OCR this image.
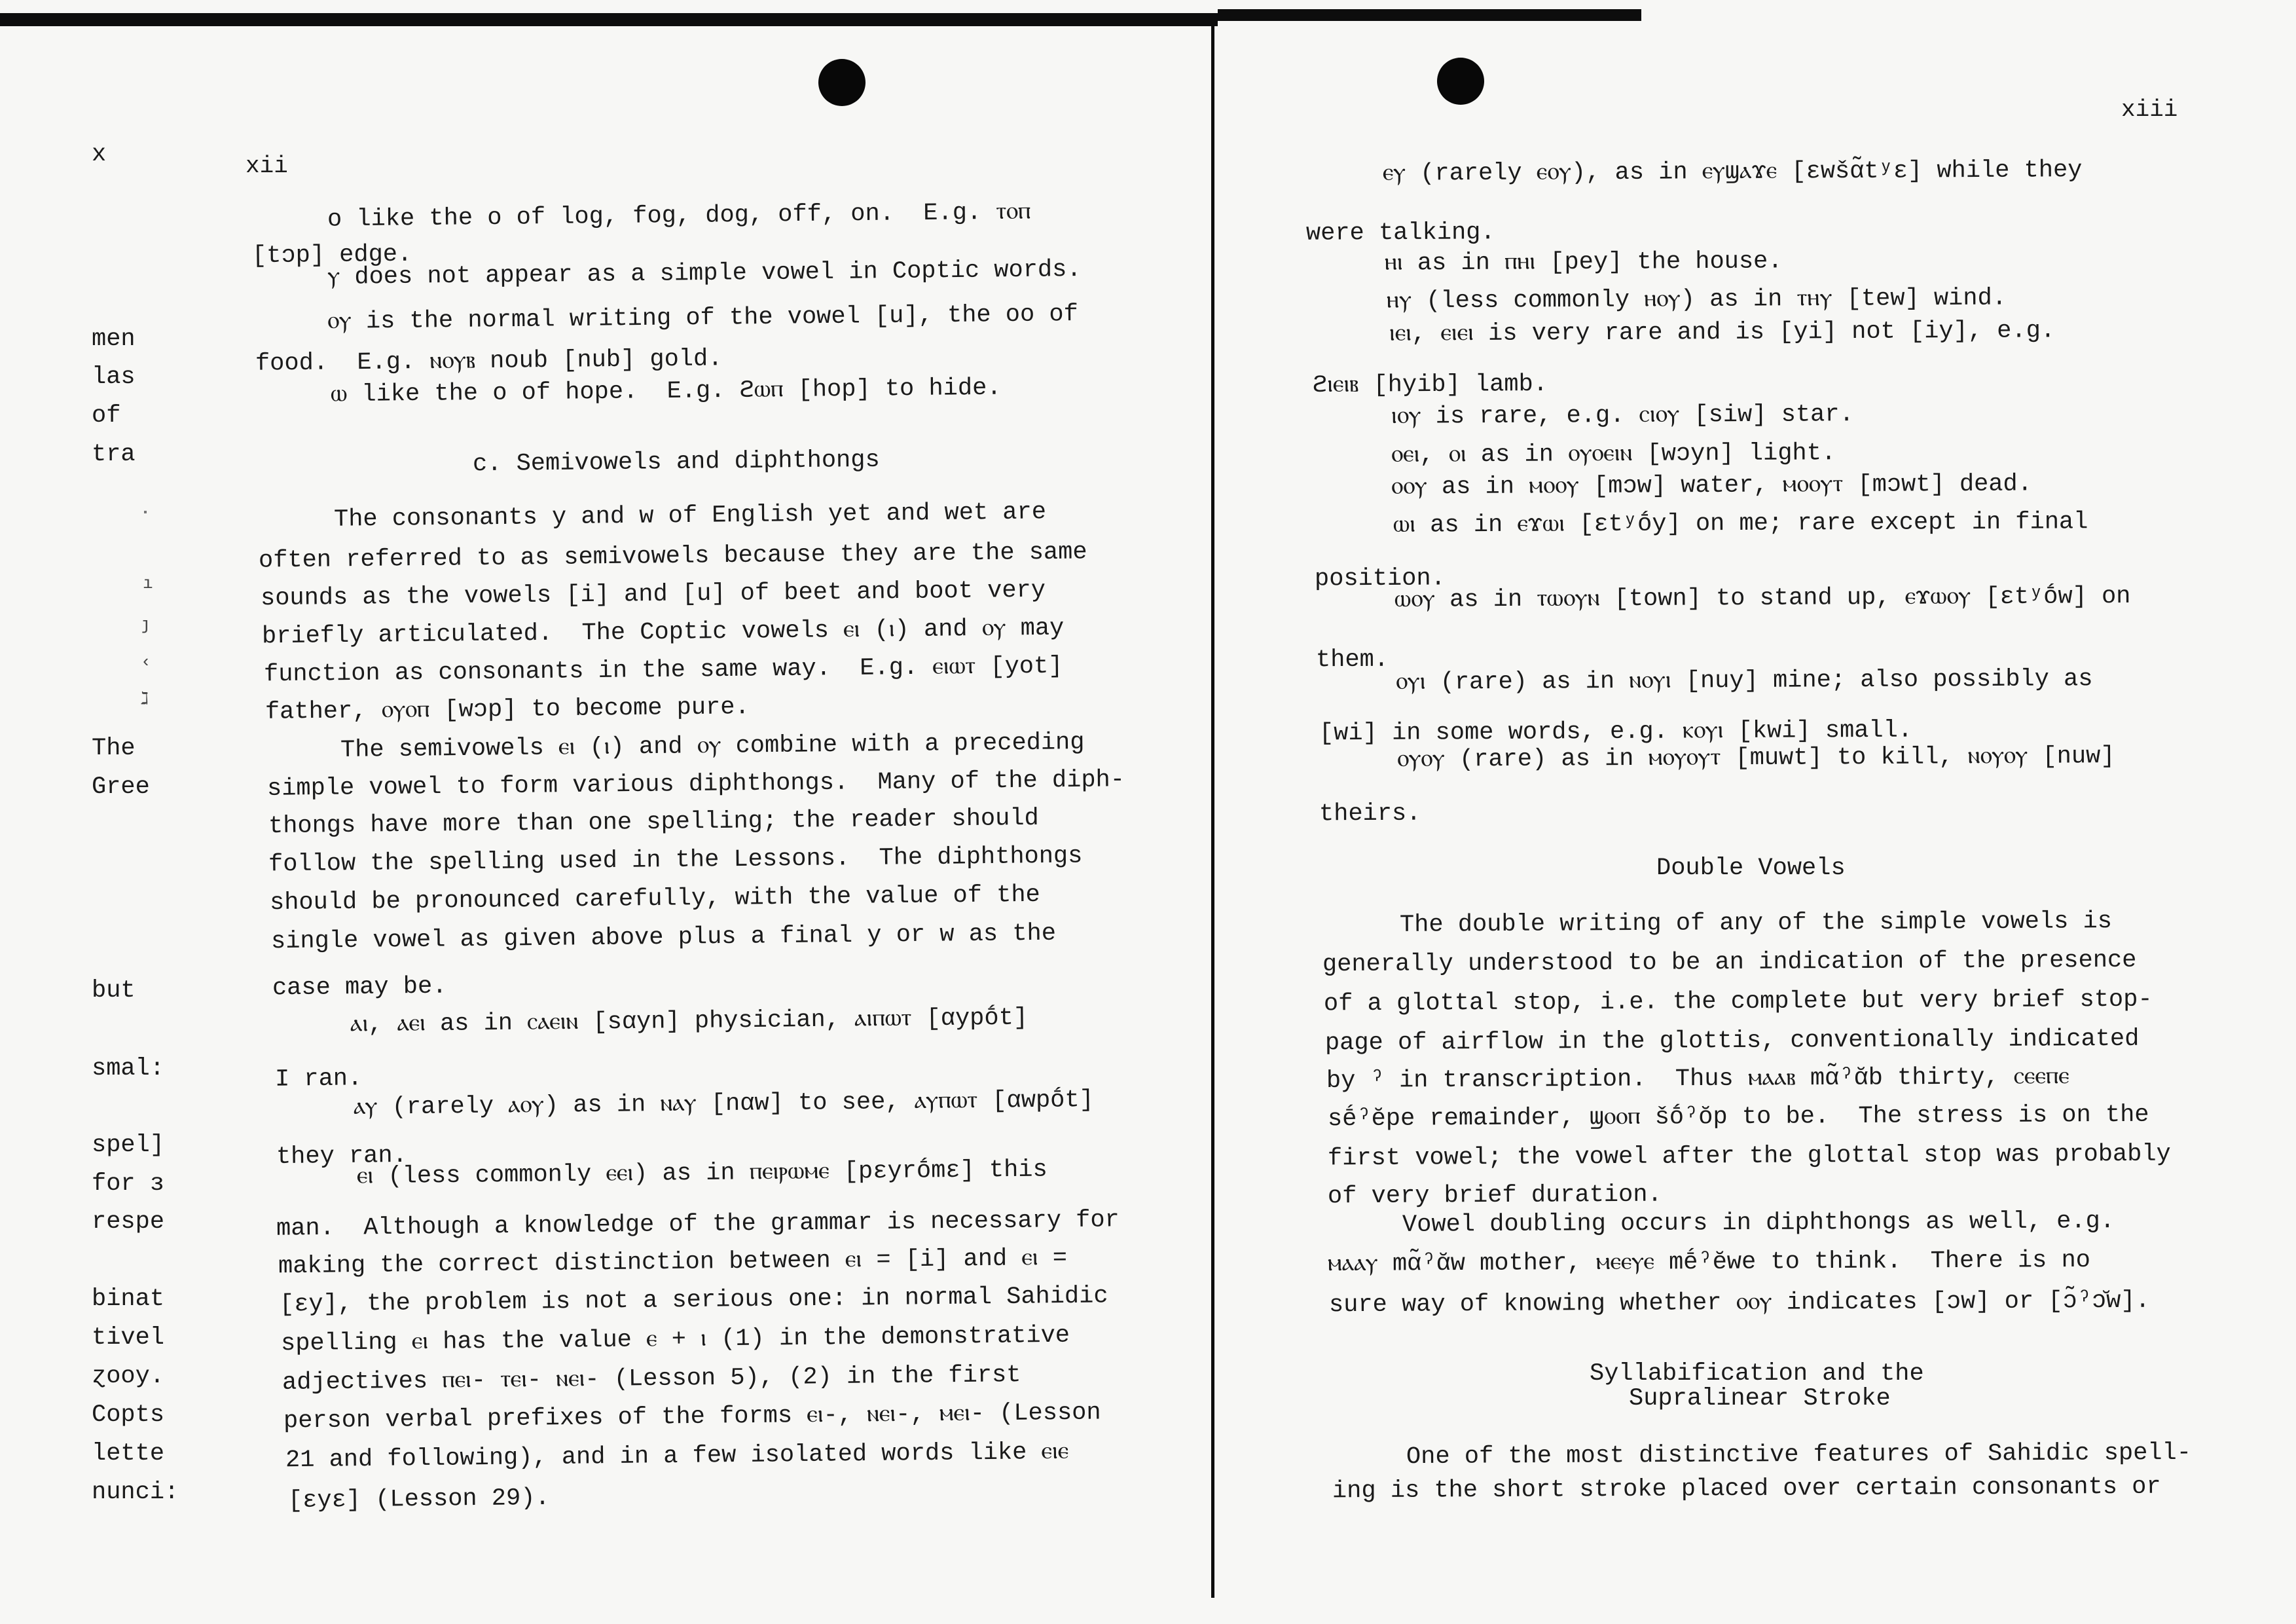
ı
ȷ
‹
ℷ
x
men
las
of
tra
The
Gree
but
smal:
spel]
for ɜ
respe
binat
tivel
ɀooy.
Copts
lette
nunci:
xii
o like the o of log, fog, dog, off, on.  E.g. ⲧⲟⲡ
[tɔp] edge.
ⲩ does not appear as a simple vowel in Coptic words.
ⲟⲩ is the normal writing of the vowel [u], the oo of
food.  E.g. ⲛⲟⲩⲃ noub [nub] gold.
ⲱ like the o of hope.  E.g. ϩⲱⲡ [hop] to hide.
c. Semivowels and diphthongs
The consonants y and w of English yet and wet are
often referred to as semivowels because they are the same
sounds as the vowels [i] and [u] of beet and boot very
briefly articulated.  The Coptic vowels ⲉⲓ (ⲓ) and ⲟⲩ may
function as consonants in the same way.  E.g. ⲉⲓⲱⲧ [yot]
father, ⲟⲩⲟⲡ [wɔp] to become pure.
The semivowels ⲉⲓ (ⲓ) and ⲟⲩ combine with a preceding
simple vowel to form various diphthongs.  Many of the diph-
thongs have more than one spelling; the reader should
follow the spelling used in the Lessons.  The diphthongs
should be pronounced carefully, with the value of the
single vowel as given above plus a final y or w as the
case may be.
ⲁⲓ, ⲁⲉⲓ as in ⲥⲁⲉⲓⲛ [sαyn] physician, ⲁⲓⲡⲱⲧ [αypṓt]
I ran.
ⲁⲩ (rarely ⲁⲟⲩ) as in ⲛⲁⲩ [nαw] to see, ⲁⲩⲡⲱⲧ [αwpṓt]
they ran.
ⲉⲓ (less commonly ⲉⲉⲓ) as in ⲡⲉⲓⲣⲱⲙⲉ [pɛyrṓmɛ] this
man.  Although a knowledge of the grammar is necessary for
making the correct distinction between ⲉⲓ = [i] and ⲉⲓ =
[ɛy], the problem is not a serious one: in normal Sahidic
spelling ⲉⲓ has the value ⲉ + ⲓ (1) in the demonstrative
adjectives ⲡⲉⲓ- ⲧⲉⲓ- ⲛⲉⲓ- (Lesson 5), (2) in the first
person verbal prefixes of the forms ⲉⲓ-, ⲛⲉⲓ-, ⲙⲉⲓ- (Lesson
21 and following), and in a few isolated words like ⲉⲓⲉ
[ɛyɛ] (Lesson 29).
xiii
ⲉⲩ (rarely ⲉⲟⲩ), as in ⲉⲩϣⲁϫⲉ [ɛwšα̃tʸɛ] while they
were talking.
ⲏⲓ as in ⲡⲏⲓ [pey] the house.
ⲏⲩ (less commonly ⲏⲟⲩ) as in ⲧⲏⲩ [tew] wind.
ⲓⲉⲓ, ⲉⲓⲉⲓ is very rare and is [yi] not [iy], e.g.
ϩⲓⲉⲓⲃ [hyib] lamb.
ⲓⲟⲩ is rare, e.g. ⲥⲓⲟⲩ [siw] star.
ⲟⲉⲓ, ⲟⲓ as in ⲟⲩⲟⲉⲓⲛ [wɔyn] light.
ⲟⲟⲩ as in ⲙⲟⲟⲩ [mɔw] water, ⲙⲟⲟⲩⲧ [mɔwt] dead.
ⲱⲓ as in ⲉϫⲱⲓ [ɛtʸṓy] on me; rare except in final
position.
ⲱⲟⲩ as in ⲧⲱⲟⲩⲛ [town] to stand up, ⲉϫⲱⲟⲩ [ɛtʸṓw] on
them.
ⲟⲩⲓ (rare) as in ⲛⲟⲩⲓ [nuy] mine; also possibly as
[wi] in some words, e.g. ⲕⲟⲩⲓ [kwi] small.
ⲟⲩⲟⲩ (rare) as in ⲙⲟⲩⲟⲩⲧ [muwt] to kill, ⲛⲟⲩⲟⲩ [nuw]
theirs.
Double Vowels
The double writing of any of the simple vowels is
generally understood to be an indication of the presence
of a glottal stop, i.e. the complete but very brief stop-
page of airflow in the glottis, conventionally indicated
by ˀ in transcription.  Thus ⲙⲁⲁⲃ mα̃ˀᾰb thirty, ⲥⲉⲉⲡⲉ
sḗˀĕpe remainder, ϣⲟⲟⲡ šṓˀŏp to be.  The stress is on the
first vowel; the vowel after the glottal stop was probably
of very brief duration.
Vowel doubling occurs in diphthongs as well, e.g.
ⲙⲁⲁⲩ mα̃ˀᾰw mother, ⲙⲉⲉⲩⲉ mḗˀĕwe to think.  There is no
sure way of knowing whether ⲟⲟⲩ indicates [ɔw] or [ɔ̃ˀɔ̆w].
Syllabification and the
Supralinear Stroke
One of the most distinctive features of Sahidic spell-
ing is the short stroke placed over certain consonants or
